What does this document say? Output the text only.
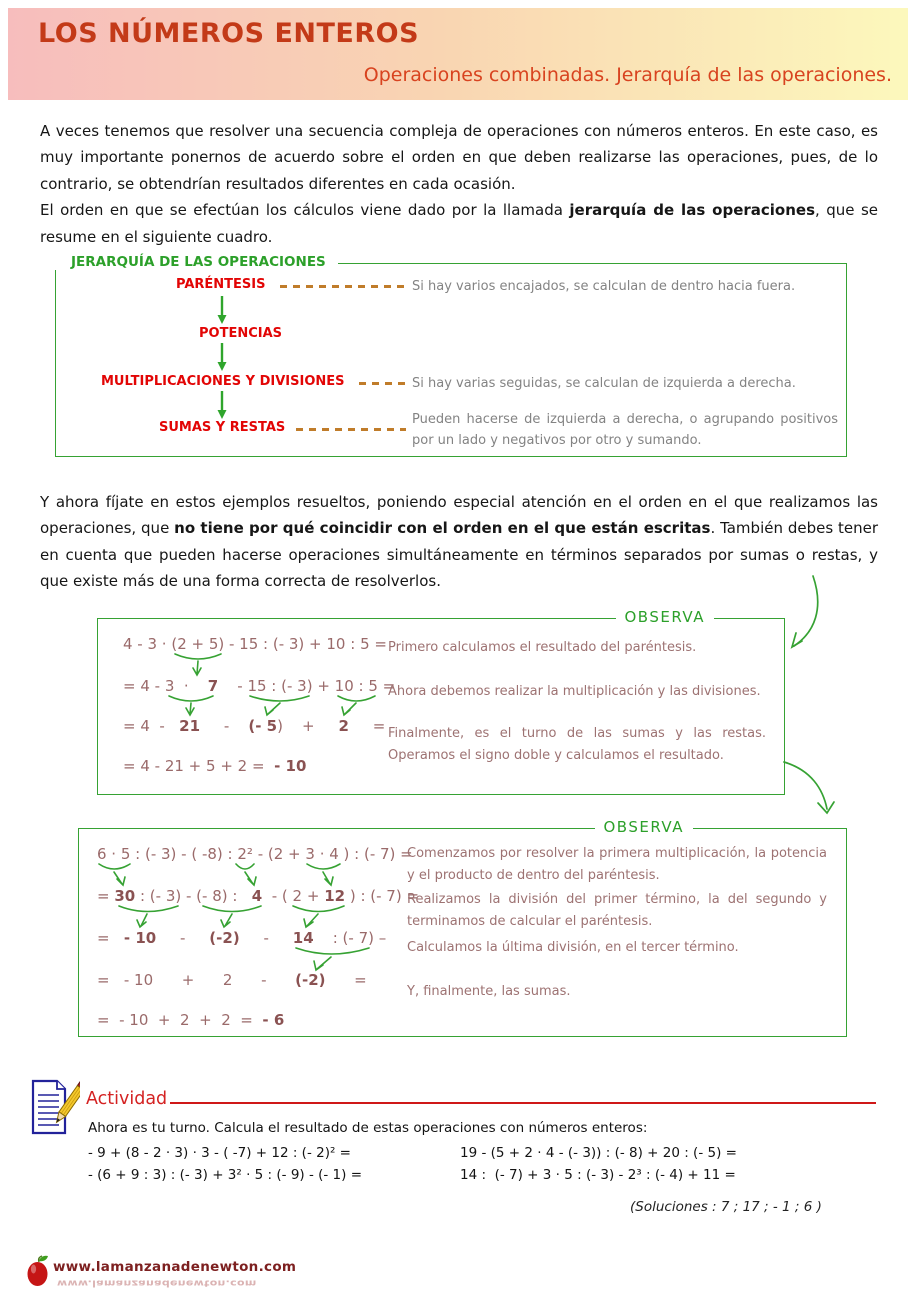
LOS NÚMEROS ENTEROS
Operaciones combinadas. Jerarquía de las operaciones.

A veces tenemos que resolver una secuencia compleja de operaciones con números enteros. En este caso, es muy importante ponernos de acuerdo sobre el orden en que deben realizarse las operaciones, pues, de lo contrario, se obtendrían resultados diferentes en cada ocasión.

El orden en que se efectúan los cálculos viene dado por la llamada jerarquía de las operaciones, que se resume en el siguiente cuadro.

JERARQUÍA DE LAS OPERACIONES
PARÉNTESIS	Si hay varios encajados, se calculan de dentro hacia fuera.
POTENCIAS
MULTIPLICACIONES Y DIVISIONES	Si hay varias seguidas, se calculan de izquierda a derecha.
SUMAS Y RESTAS
Pueden hacerse de izquierda a derecha, o agrupando positivos por un lado y negativos por otro y sumando.

Y ahora fíjate en estos ejemplos resueltos, poniendo especial atención en el orden en el que realizamos las operaciones, que no tiene por qué coincidir con el orden en el que están escritas. También debes tener en cuenta que pueden hacerse operaciones simultáneamente en términos separados por sumas o restas, y que existe más de una forma correcta de resolverlos.

OBSERVA
4 - 3 · (2 + 5) - 15 : (- 3) + 10 : 5 =
= 4 - 3  ·    7    - 15 : (- 3) + 10 : 5 =
= 4  -   21     -    (- 5)    +     2     =
= 4 - 21 + 5 + 2 =  - 10
Primero calculamos el resultado del paréntesis.
Ahora debemos realizar la multiplicación y las divisiones.
Finalmente, es el turno de las sumas y las restas. Operamos el signo doble y calculamos el resultado.
OBSERVA
6 · 5 : (- 3) - ( -8) : 2² - (2 + 3 · 4 ) : (- 7) =
= 30 : (- 3) - (- 8) :   4  - ( 2 + 12 ) : (- 7) =
=   - 10     -     (-2)     -     14    : (- 7) –
=   - 10      +      2      -      (-2)      =
=  - 10  +  2  +  2  =  - 6
Comenzamos por resolver la primera multiplicación, la potencia y el producto de dentro del paréntesis.
Realizamos la división del primer término, la del segundo y terminamos de calcular el paréntesis.
Calculamos la última división, en el tercer término.
Y, finalmente, las sumas.
Actividad
Ahora es tu turno. Calcula el resultado de estas operaciones con números enteros:
- 9 + (8 - 2 · 3) · 3 - ( -7) + 12 : (- 2)² =
- (6 + 9 : 3) : (- 3) + 3² · 5 : (- 9) - (- 1) =
19 - (5 + 2 · 4 - (- 3)) : (- 8) + 20 : (- 5) =
14 :  (- 7) + 3 · 5 : (- 3) - 2³ : (- 4) + 11 =
(Soluciones : 7 ; 17 ; - 1 ; 6 )
www.lamanzanadenewton.com
www.lamanzanadenewton.com
